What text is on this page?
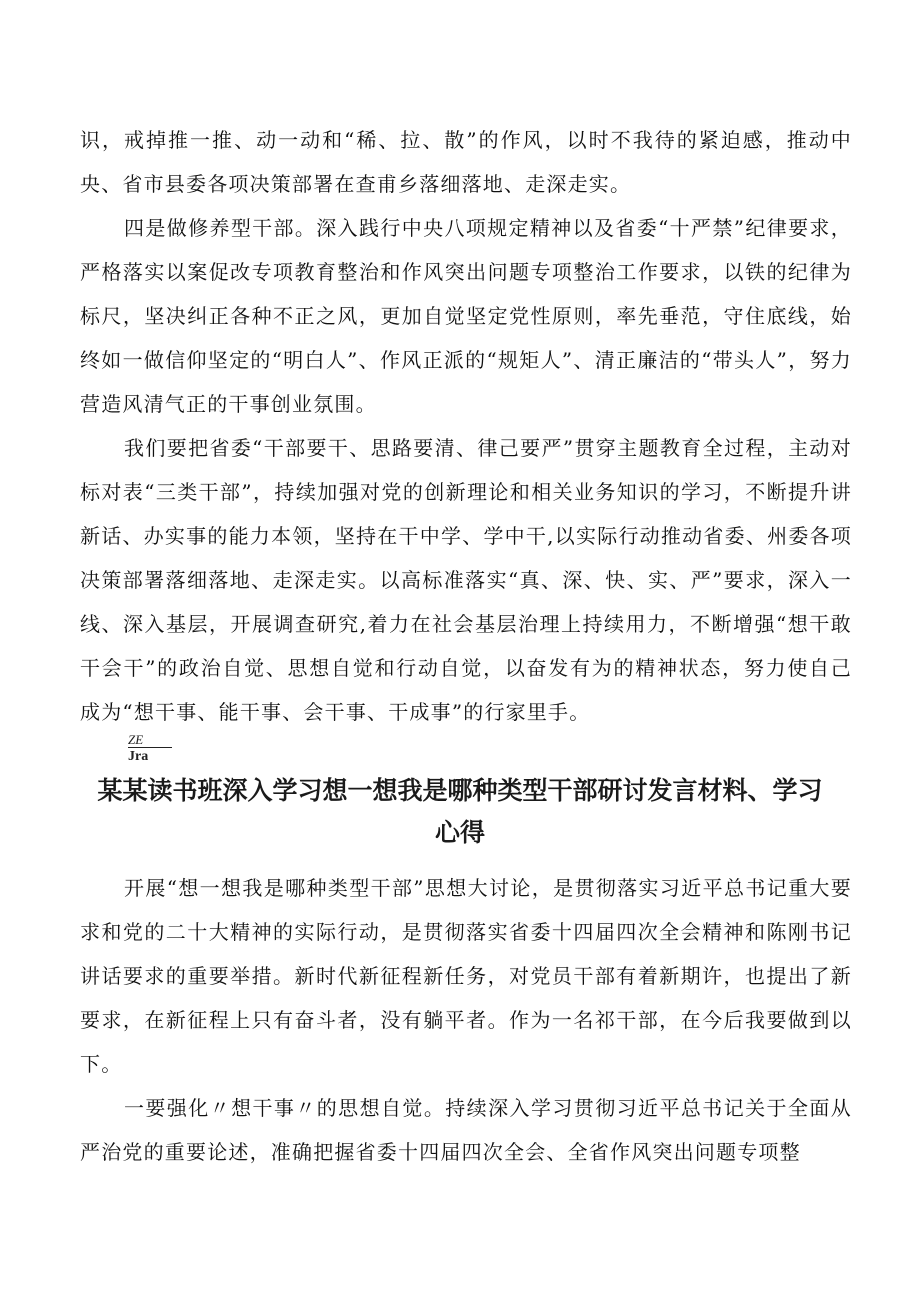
识，戒掉推一推、动一动和“稀、拉、散”的作风，以时不我待的紧迫感，推动中央、省市县委各项决策部署在查甫乡落细落地、走深走实。

四是做修养型干部。深入践行中央八项规定精神以及省委“十严禁”纪律要求，严格落实以案促改专项教育整治和作风突出问题专项整治工作要求，以铁的纪律为标尺，坚决纠正各种不正之风，更加自觉坚定党性原则，率先垂范，守住底线，始终如一做信仰坚定的“明白人”、作风正派的“规矩人”、清正廉洁的“带头人”，努力营造风清气正的干事创业氛围。

我们要把省委“干部要干、思路要清、律己要严”贯穿主题教育全过程，主动对标对表“三类干部”，持续加强对党的创新理论和相关业务知识的学习，不断提升讲新话、办实事的能力本领，坚持在干中学、学中干,以实际行动推动省委、州委各项决策部署落细落地、走深走实。以高标准落实“真、深、快、实、严”要求，深入一线、深入基层，开展调查研究,着力在社会基层治理上持续用力，不断增强“想干敢干会干”的政治自觉、思想自觉和行动自觉，以奋发有为的精神状态，努力使自己成为“想干事、能干事、会干事、干成事”的行家里手。

ZE
Jra
某某读书班深入学习想一想我是哪种类型干部研讨发言材料、学习心得

开展“想一想我是哪种类型干部”思想大讨论，是贯彻落实习近平总书记重大要求和党的二十大精神的实际行动，是贯彻落实省委十四届四次全会精神和陈刚书记讲话要求的重要举措。新时代新征程新任务，对党员干部有着新期许，也提出了新要求，在新征程上只有奋斗者，没有躺平者。作为一名祁干部，在今后我要做到以下。

一要强化〃想干事〃的思想自觉。持续深入学习贯彻习近平总书记关于全面从严治党的重要论述，准确把握省委十四届四次全会、全省作风突出问题专项整
